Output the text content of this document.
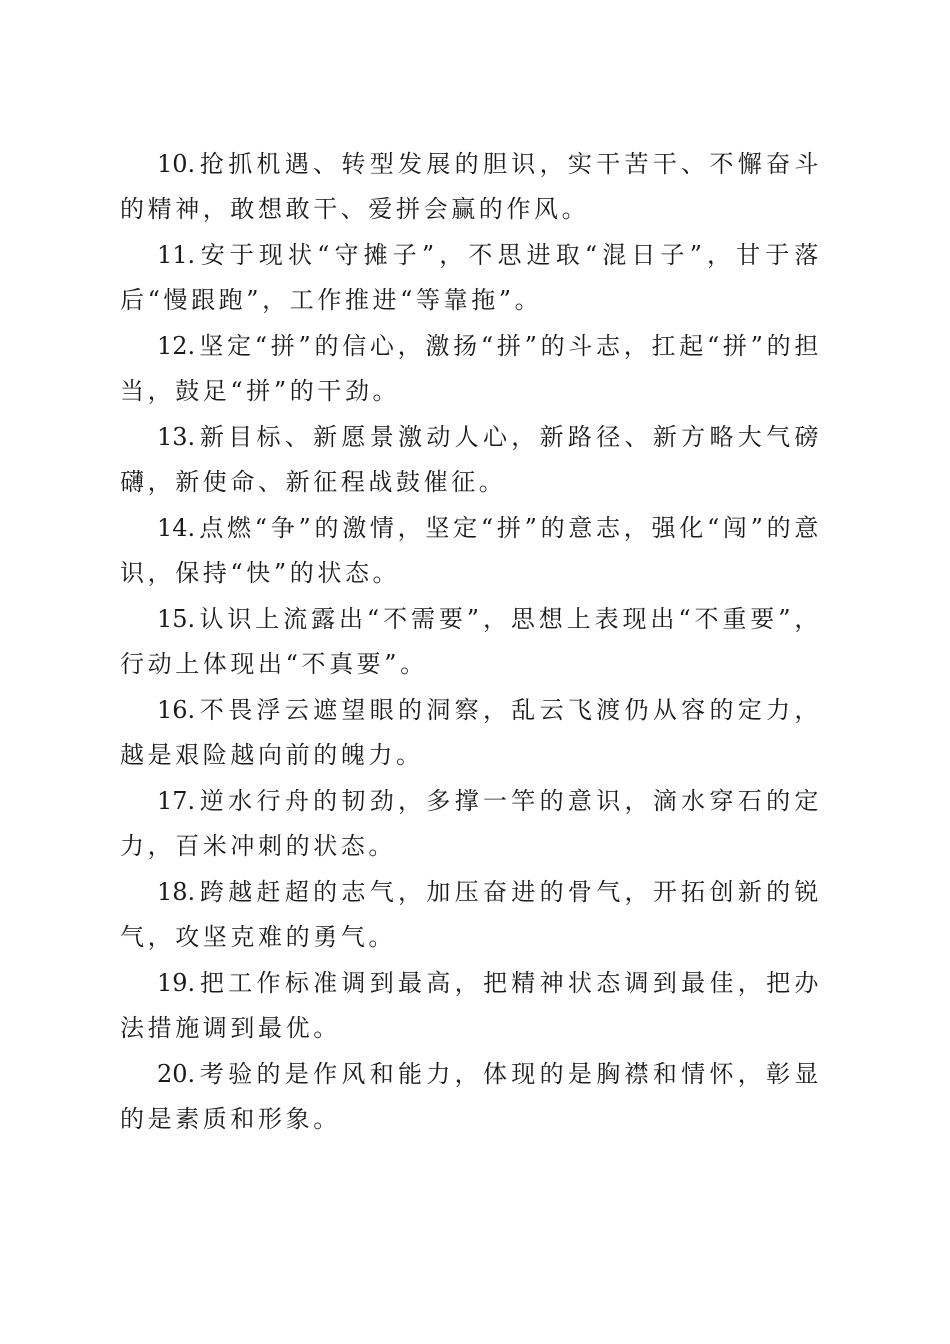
10. 抢抓机遇、转型发展的胆识，实干苦干、不懈奋斗的精神，敢想敢干、爱拼会赢的作风。

11. 安于现状“守摊子”，不思进取“混日子”，甘于落后“慢跟跑”，工作推进“等靠拖”。

12. 坚定“拼”的信心，激扬“拼”的斗志，扛起“拼”的担当，鼓足“拼”的干劲。

13. 新目标、新愿景激动人心，新路径、新方略大气磅礴，新使命、新征程战鼓催征。

14. 点燃“争”的激情，坚定“拼”的意志，强化“闯”的意识，保持“快”的状态。

15. 认识上流露出“不需要”，思想上表现出“不重要”，行动上体现出“不真要”。

16. 不畏浮云遮望眼的洞察，乱云飞渡仍从容的定力，越是艰险越向前的魄力。

17. 逆水行舟的韧劲，多撑一竿的意识，滴水穿石的定力，百米冲刺的状态。

18. 跨越赶超的志气，加压奋进的骨气，开拓创新的锐气，攻坚克难的勇气。

19. 把工作标准调到最高，把精神状态调到最佳，把办法措施调到最优。

20. 考验的是作风和能力，体现的是胸襟和情怀，彰显的是素质和形象。
